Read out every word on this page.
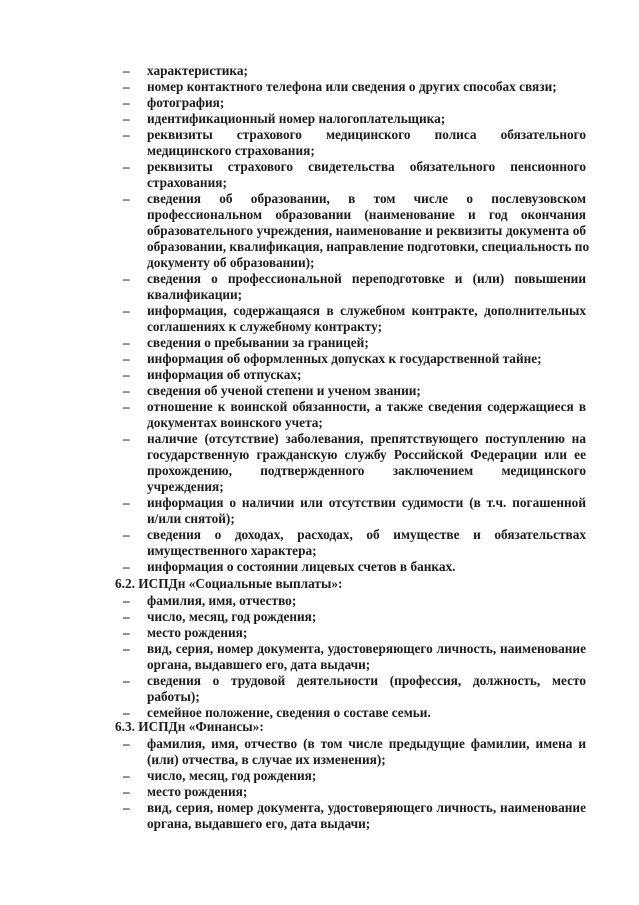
характеристика;
–
номер контактного телефона или сведения о других способах связи;
–
фотография;
–
идентификационный номер налогоплательщика;
–
реквизиты страхового медицинского полиса обязательного
–
медицинского страхования;
реквизиты страхового свидетельства обязательного пенсионного
–
страхования;
сведения об образовании, в том числе о послевузовском
–
профессиональном образовании (наименование и год окончания
образовательного учреждения, наименование и реквизиты документа об
образовании, квалификация, направление подготовки, специальность по
документу об образовании);
сведения о профессиональной переподготовке и (или) повышении
–
квалификации;
информация, содержащаяся в служебном контракте, дополнительных
–
соглашениях к служебному контракту;
сведения о пребывании за границей;
–
информация об оформленных допусках к государственной тайне;
–
информация об отпусках;
–
сведения об ученой степени и ученом звании;
–
отношение к воинской обязанности, а также сведения содержащиеся в
–
документах воинского учета;
наличие (отсутствие) заболевания, препятствующего поступлению на
–
государственную гражданскую службу Российской Федерации или ее
прохождению, подтвержденного заключением медицинского
учреждения;
информация о наличии или отсутствии судимости (в т.ч. погашенной
–
и/или снятой);
сведения о доходах, расходах, об имуществе и обязательствах
–
имущественного характера;
информация о состоянии лицевых счетов в банках.
–
6.2. ИСПДн «Социальные выплаты»:
фамилия, имя, отчество;
–
число, месяц, год рождения;
–
место рождения;
–
вид, серия, номер документа, удостоверяющего личность, наименование
–
органа, выдавшего его, дата выдачи;
сведения о трудовой деятельности (профессия, должность, место
–
работы);
семейное положение, сведения о составе семьи.
–
6.3. ИСПДн «Финансы»:
фамилия, имя, отчество (в том числе предыдущие фамилии, имена и
–
(или) отчества, в случае их изменения);
число, месяц, год рождения;
–
место рождения;
–
вид, серия, номер документа, удостоверяющего личность, наименование
–
органа, выдавшего его, дата выдачи;
